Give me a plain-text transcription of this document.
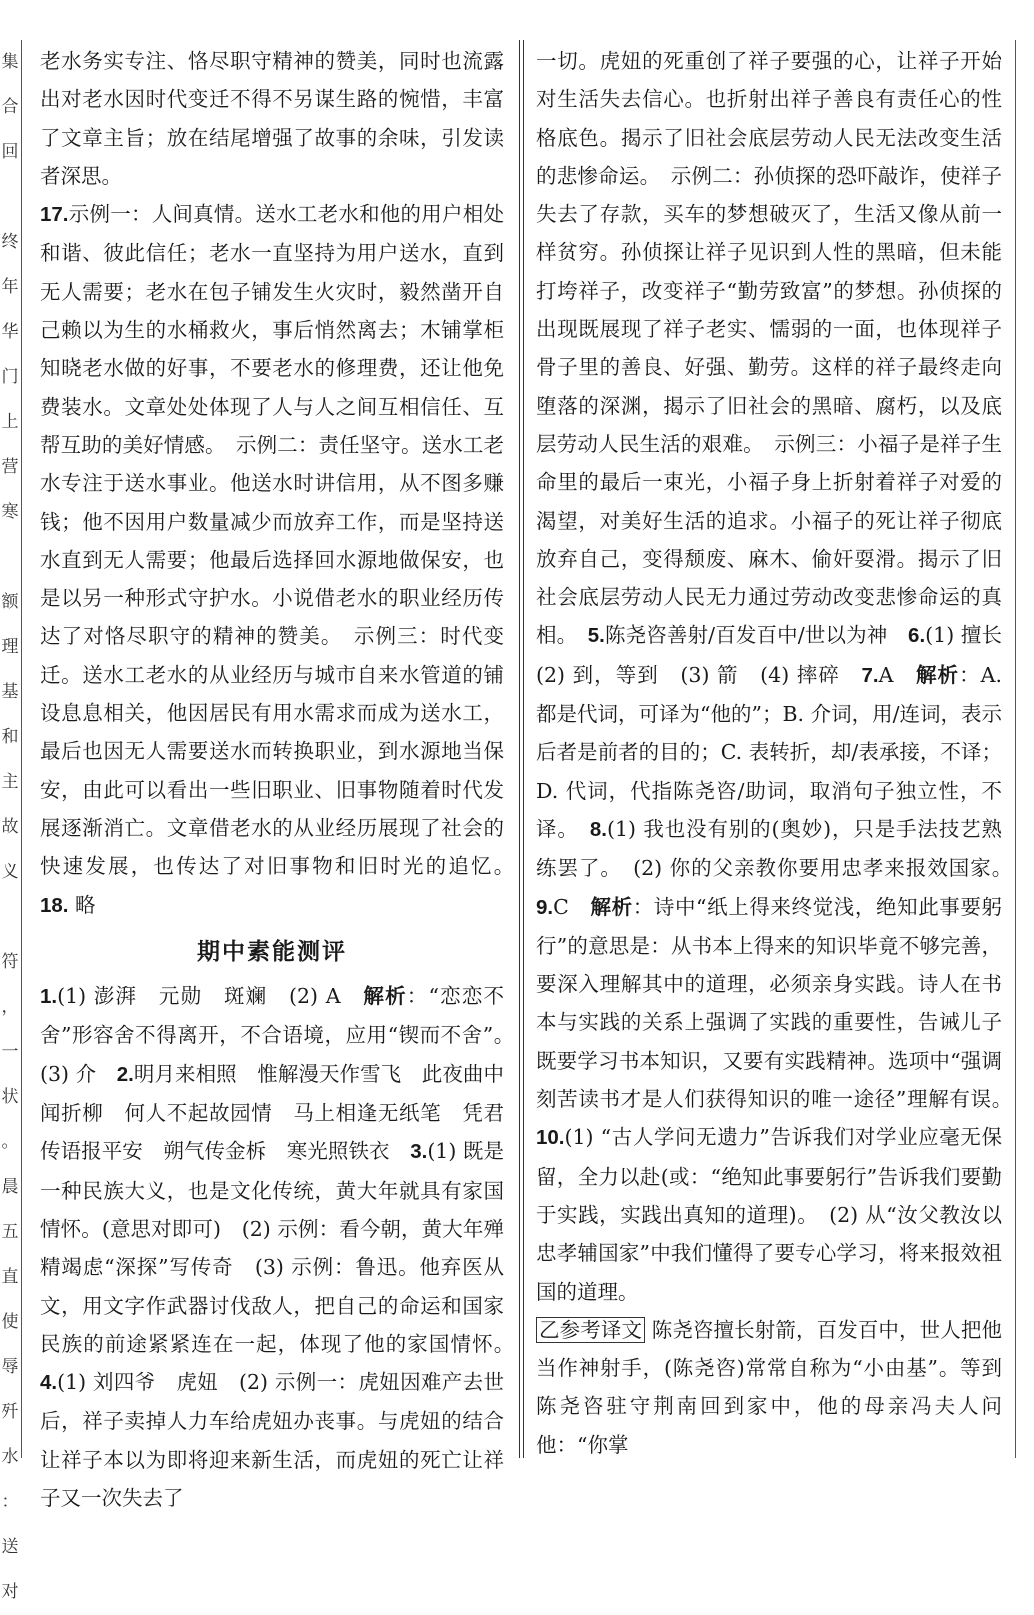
集
合
回

终
年
华
门
上
营
寒

额
理
基
和
主
故
义

符
，
一
状
。
晨
五
直
使
辱
歼
水
：
送
对

老水务实专注、恪尽职守精神的赞美，同时也流露出对老水因时代变迁不得不另谋生路的惋惜，丰富了文章主旨；放在结尾增强了故事的余味，引发读者深思。

17.示例一：人间真情。送水工老水和他的用户相处和谐、彼此信任；老水一直坚持为用户送水，直到无人需要；老水在包子铺发生火灾时，毅然凿开自己赖以为生的水桶救火，事后悄然离去；木铺掌柜知晓老水做的好事，不要老水的修理费，还让他免费装水。文章处处体现了人与人之间互相信任、互帮互助的美好情感。　示例二：责任坚守。送水工老水专注于送水事业。他送水时讲信用，从不图多赚钱；他不因用户数量减少而放弃工作，而是坚持送水直到无人需要；他最后选择回水源地做保安，也是以另一种形式守护水。小说借老水的职业经历传达了对恪尽职守的精神的赞美。　示例三：时代变迁。送水工老水的从业经历与城市自来水管道的铺设息息相关，他因居民有用水需求而成为送水工，最后也因无人需要送水而转换职业，到水源地当保安，由此可以看出一些旧职业、旧事物随着时代发展逐渐消亡。文章借老水的从业经历展现了社会的快速发展，也传达了对旧事物和旧时光的追忆。　18. 略

期中素能测评

1.(1) 澎湃　元勋　斑斓　(2) A　解析：“恋恋不舍”形容舍不得离开，不合语境，应用“锲而不舍”。　(3) 介　2.明月来相照　惟解漫天作雪飞　此夜曲中闻折柳　何人不起故园情　马上相逢无纸笔　凭君传语报平安　朔气传金柝　寒光照铁衣　3.(1) 既是一种民族大义，也是文化传统，黄大年就具有家国情怀。(意思对即可)　(2) 示例：看今朝，黄大年殚精竭虑“深探”写传奇　(3) 示例：鲁迅。他弃医从文，用文字作武器讨伐敌人，把自己的命运和国家民族的前途紧紧连在一起，体现了他的家国情怀。　4.(1) 刘四爷　虎妞　(2) 示例一：虎妞因难产去世后，祥子卖掉人力车给虎妞办丧事。与虎妞的结合让祥子本以为即将迎来新生活，而虎妞的死亡让祥子又一次失去了

一切。虎妞的死重创了祥子要强的心，让祥子开始对生活失去信心。也折射出祥子善良有责任心的性格底色。揭示了旧社会底层劳动人民无法改变生活的悲惨命运。　示例二：孙侦探的恐吓敲诈，使祥子失去了存款，买车的梦想破灭了，生活又像从前一样贫穷。孙侦探让祥子见识到人性的黑暗，但未能打垮祥子，改变祥子“勤劳致富”的梦想。孙侦探的出现既展现了祥子老实、懦弱的一面，也体现祥子骨子里的善良、好强、勤劳。这样的祥子最终走向堕落的深渊，揭示了旧社会的黑暗、腐朽，以及底层劳动人民生活的艰难。　示例三：小福子是祥子生命里的最后一束光，小福子身上折射着祥子对爱的渴望，对美好生活的追求。小福子的死让祥子彻底放弃自己，变得颓废、麻木、偷奸耍滑。揭示了旧社会底层劳动人民无力通过劳动改变悲惨命运的真相。　5.陈尧咨善射/百发百中/世以为神　6.(1) 擅长　(2) 到，等到　(3) 箭　(4) 摔碎　7.A　解析：A. 都是代词，可译为“他的”；B. 介词，用/连词，表示后者是前者的目的；C. 表转折，却/表承接，不译；D. 代词，代指陈尧咨/助词，取消句子独立性，不译。　8.(1) 我也没有别的(奥妙)，只是手法技艺熟练罢了。　(2) 你的父亲教你要用忠孝来报效国家。　9.C　解析：诗中“纸上得来终觉浅，绝知此事要躬行”的意思是：从书本上得来的知识毕竟不够完善，要深入理解其中的道理，必须亲身实践。诗人在书本与实践的关系上强调了实践的重要性，告诫儿子既要学习书本知识，又要有实践精神。选项中“强调刻苦读书才是人们获得知识的唯一途径”理解有误。　10.(1) “古人学问无遗力”告诉我们对学业应毫无保留，全力以赴(或：“绝知此事要躬行”告诉我们要勤于实践，实践出真知的道理)。　(2) 从“汝父教汝以忠孝辅国家”中我们懂得了要专心学习，将来报效祖国的道理。

乙参考译文 陈尧咨擅长射箭，百发百中，世人把他当作神射手，(陈尧咨)常常自称为“小由基”。等到陈尧咨驻守荆南回到家中，他的母亲冯夫人问他：“你掌
